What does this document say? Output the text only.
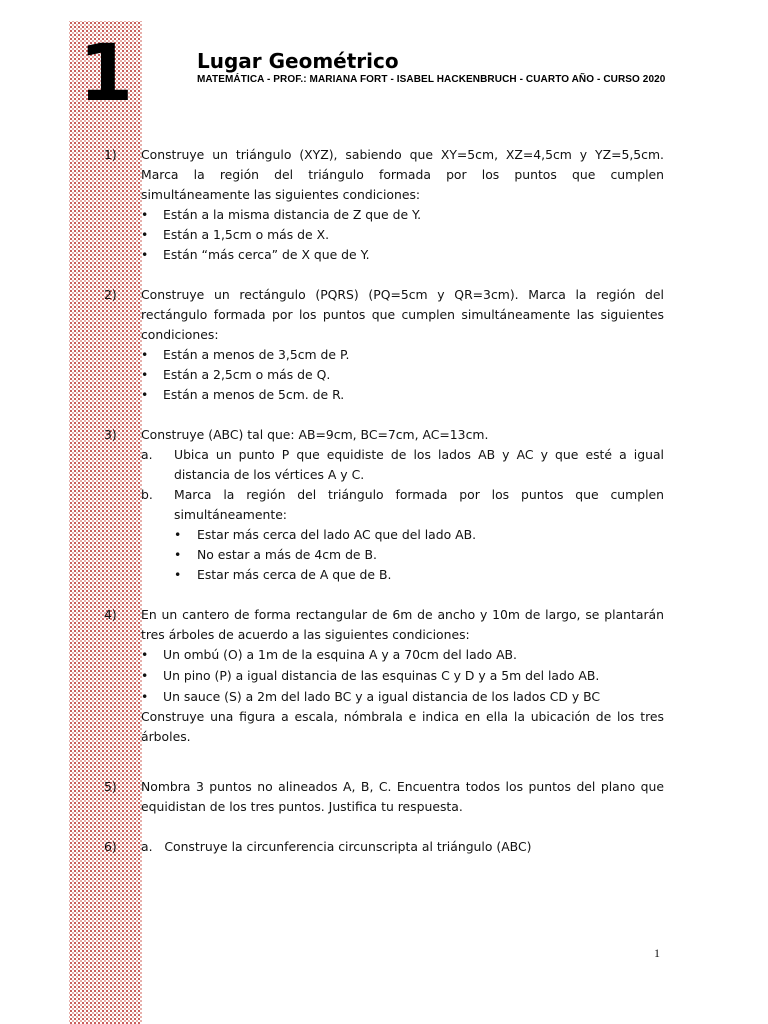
1	Lugar Geométrico
MATEMÁTICA - PROF.: MARIANA FORT - ISABEL HACKENBRUCH - CUARTO AÑO - CURSO 2020
1) Construye un triángulo (XYZ), sabiendo que XY=5cm, XZ=4,5cm y YZ=5,5cm. Marca la región del triángulo formada por los puntos que cumplen simultáneamente las siguientes condiciones:
• Están a la misma distancia de Z que de Y.
• Están a 1,5cm o más de X.
• Están “más cerca” de X que de Y.
2) Construye un rectángulo (PQRS) (PQ=5cm y QR=3cm). Marca la región del rectángulo formada por los puntos que cumplen simultáneamente las siguientes condiciones:
• Están a menos de 3,5cm de P.
• Están a 2,5cm o más de Q.
• Están a menos de 5cm. de R.
3) Construye (ABC) tal que: AB=9cm, BC=7cm, AC=13cm.
a. Ubica un punto P que equidiste de los lados AB y AC y que esté a igual distancia de los vértices A y C.
b. Marca la región del triángulo formada por los puntos que cumplen simultáneamente:
• Estar más cerca del lado AC que del lado AB.
• No estar a más de 4cm de B.
• Estar más cerca de A que de B.
4) En un cantero de forma rectangular de 6m de ancho y 10m de largo, se plantarán tres árboles de acuerdo a las siguientes condiciones:
• Un ombú (O) a 1m de la esquina A y a 70cm del lado AB.
• Un pino (P) a igual distancia de las esquinas C y D y a 5m del lado AB.
• Un sauce (S) a 2m del lado BC y a igual distancia de los lados CD y BC
Construye una figura a escala, nómbrala e indica en ella la ubicación de los tres árboles.
5) Nombra 3 puntos no alineados A, B, C. Encuentra todos los puntos del plano que equidistan de los tres puntos. Justifica tu respuesta.
6) a.   Construye la circunferencia circunscripta al triángulo (ABC)
1
